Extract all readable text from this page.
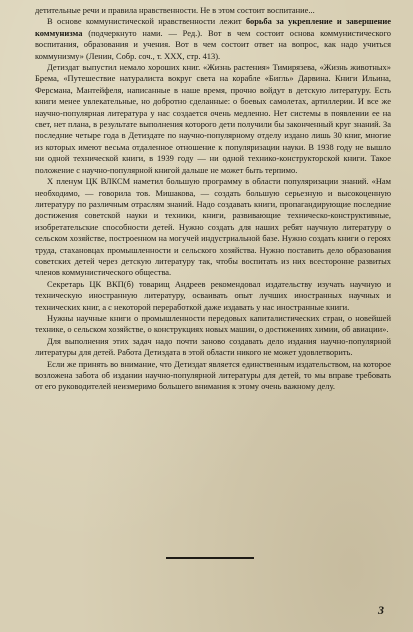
детительные речи и правила нравственности. Не в этом состоит воспитание...

В основе коммунистической нравственности лежит борьба за укрепление и завершение коммунизма (подчеркнуто нами. — Ред.). Вот в чем состоит основа коммунистического воспитания, образования и учения. Вот в чем состоит ответ на вопрос, как надо учиться коммунизму» (Ленин, Собр. соч., т. XXX, стр. 413).

Детиздат выпустил немало хороших книг. «Жизнь растения» Тимирязева, «Жизнь животных» Брема, «Путешествие натуралиста вокруг света на корабле «Бигль» Дарвина. Книги Ильина, Ферсмана, Мантейфеля, написанные в наше время, прочно войдут в детскую литературу. Есть книги менее увлекательные, но добротно сделанные: о боевых самолетах, артиллерии. И все же научно-популярная литература у нас создается очень медленно. Нет системы в появлении ее на свет, нет плана, в результате выполнения которого дети получили бы законченный круг знаний. За последние четыре года в Детиздате по научно-популярному отделу издано лишь 30 книг, многие из которых имеют весьма отдаленное отношение к популяризации науки. В 1938 году не вышло ни одной технической книги, в 1939 году — ни одной технико-конструкторской книги. Такое положение с научно-популярной книгой дальше не может быть терпимо.

Х пленум ЦК ВЛКСМ наметил большую программу в области популяризации знаний. «Нам необходимо, — говорила тов. Мишакова, — создать большую серьезную и высокоценную литературу по различным отраслям знаний. Надо создавать книги, пропагандирующие последние достижения советской науки и техники, книги, развивающие техническо-конструктивные, изобретательские способности детей. Нужно создать для наших ребят научную литературу о сельском хозяйстве, построенном на могучей индустриальной базе. Нужно создать книги о героях труда, стахановцах промышленности и сельского хозяйства. Нужно поставить дело образования советских детей через детскую литературу так, чтобы воспитать из них всесторонне развитых членов коммунистического общества.

Секретарь ЦК ВКП(б) товарищ Андреев рекомендовал издательству изучать научную и техническую иностранную литературу, осваивать опыт лучших иностранных научных и технических книг, а с некоторой переработкой даже издавать у нас иностранные книги.

Нужны научные книги о промышленности передовых капиталистических стран, о новейшей технике, о сельском хозяйстве, о конструкциях новых машин, о достижениях химии, об авиации».

Для выполнения этих задач надо почти заново создавать дело издания научно-популярной литературы для детей. Работа Детиздата в этой области никого не может удовлетворить.

Если же принять во внимание, что Детиздат является единственным издательством, на которое возложена забота об издании научно-популярной литературы для детей, то мы вправе требовать от его руководителей неизмеримо большего внимания к этому очень важному делу.

3
